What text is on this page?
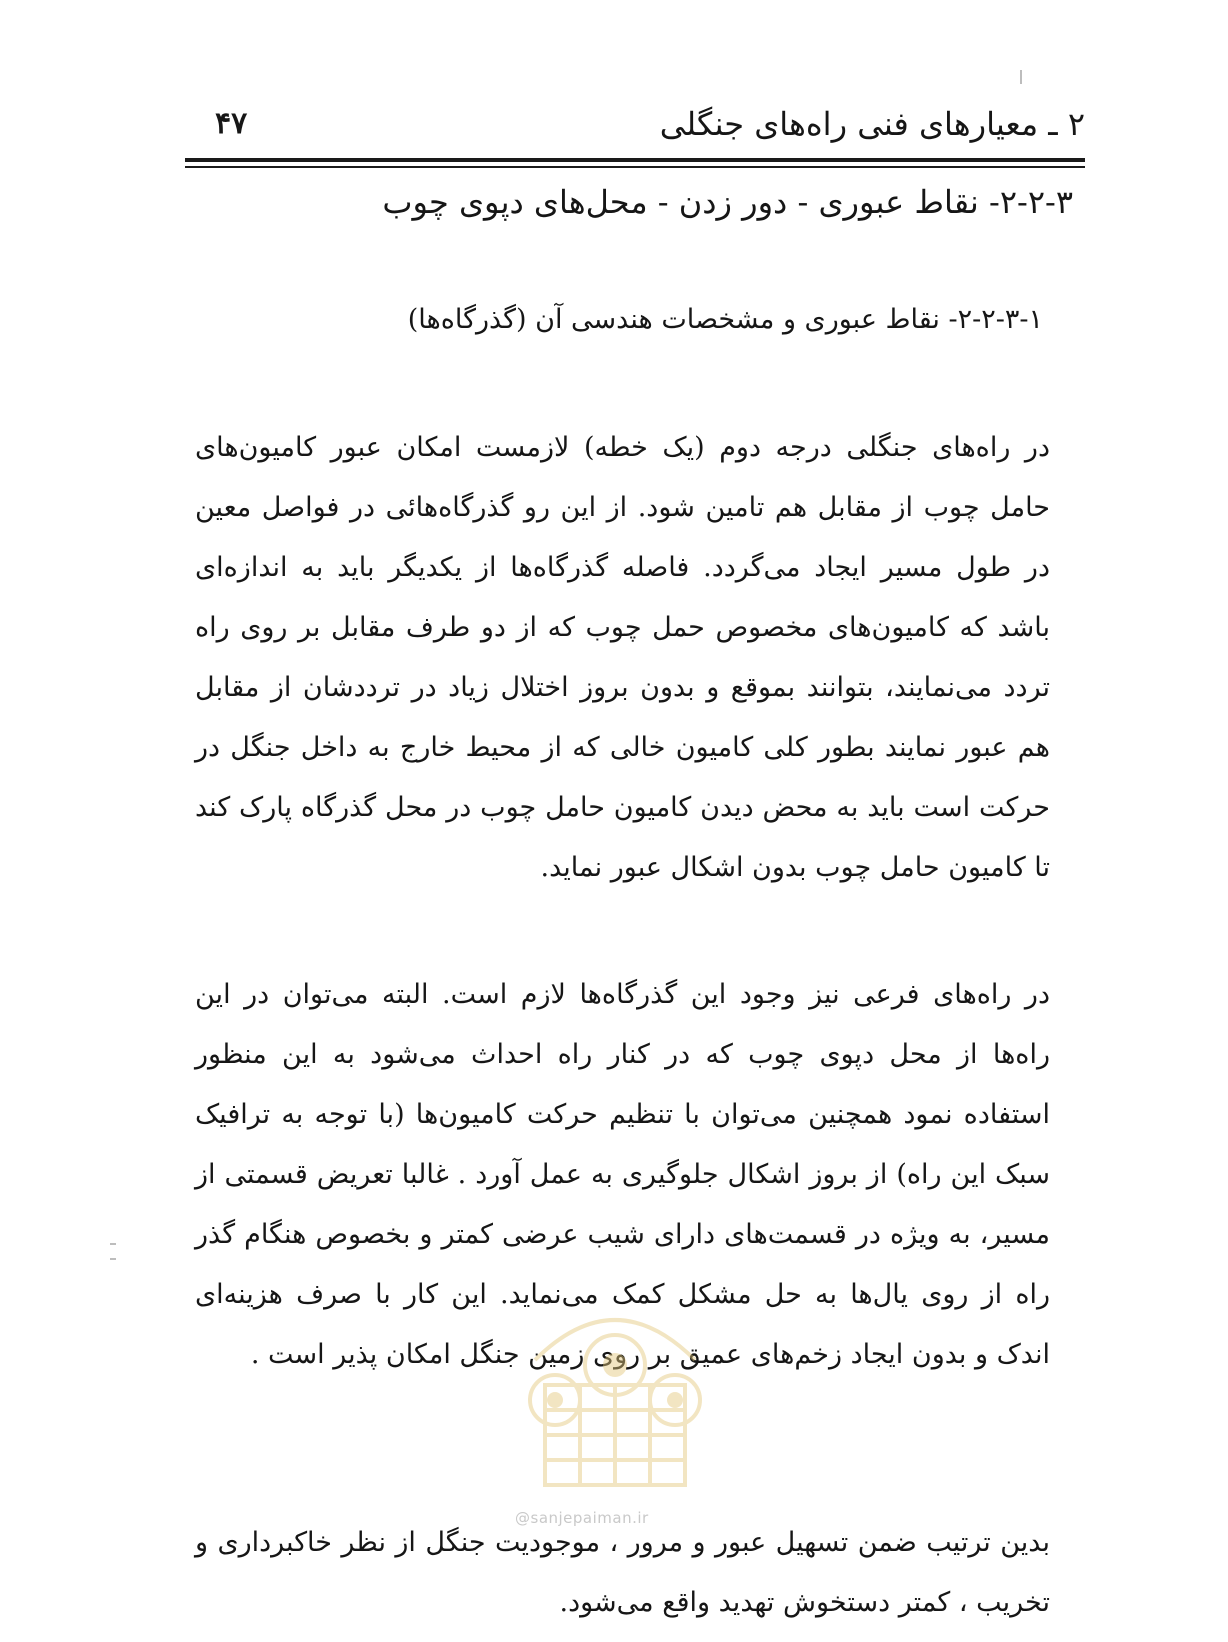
۲ ـ معیارهای فنی راه‌های جنگلی
۴۷
۲-۲-۳- نقاط عبوری - دور زدن - محل‌های دپوی چوب
۲-۲-۳-۱- نقاط عبوری و مشخصات هندسی آن (گذرگاه‌ها)

در راه‌های جنگلی درجه دوم (یک خطه) لازمست امکان عبور کامیون‌های حامل چوب از مقابل هم تامین شود. از این رو گذرگاه‌هائی در فواصل معین در طول مسیر ایجاد می‌گردد. فاصله گذرگاه‌ها از یکدیگر باید به اندازه‌ای باشد که کامیون‌های مخصوص حمل چوب که از دو طرف مقابل بر روی راه تردد می‌نمایند، بتوانند بموقع و بدون بروز اختلال زیاد در ترددشان از مقابل هم عبور نمایند بطور کلی کامیون خالی که از محیط خارج به داخل جنگل در حرکت است باید به محض دیدن کامیون حامل چوب در محل گذرگاه پارک کند تا کامیون حامل چوب بدون اشکال عبور نماید.

در راه‌های فرعی نیز وجود این گذرگاه‌ها لازم است. البته می‌توان در این راه‌ها از محل دپوی چوب که در کنار راه احداث می‌شود به این منظور استفاده نمود همچنین می‌توان با تنظیم حرکت کامیون‌ها (با توجه به ترافیک سبک این راه) از بروز اشکال جلوگیری به عمل آورد . غالبا تعریض قسمتی از مسیر، به ویژه در قسمت‌های دارای شیب عرضی کمتر و بخصوص هنگام گذر راه از روی یال‌ها به حل مشکل کمک می‌نماید. این کار با صرف هزینه‌ای اندک و بدون ایجاد زخم‌های عمیق بر روی زمین جنگل امکان پذیر است .

بدین ترتیب ضمن تسهیل عبور و مرور ، موجودیت جنگل از نظر خاکبرداری و تخریب ، کمتر دستخوش تهدید واقع می‌شود.

@sanjepaiman.ir
